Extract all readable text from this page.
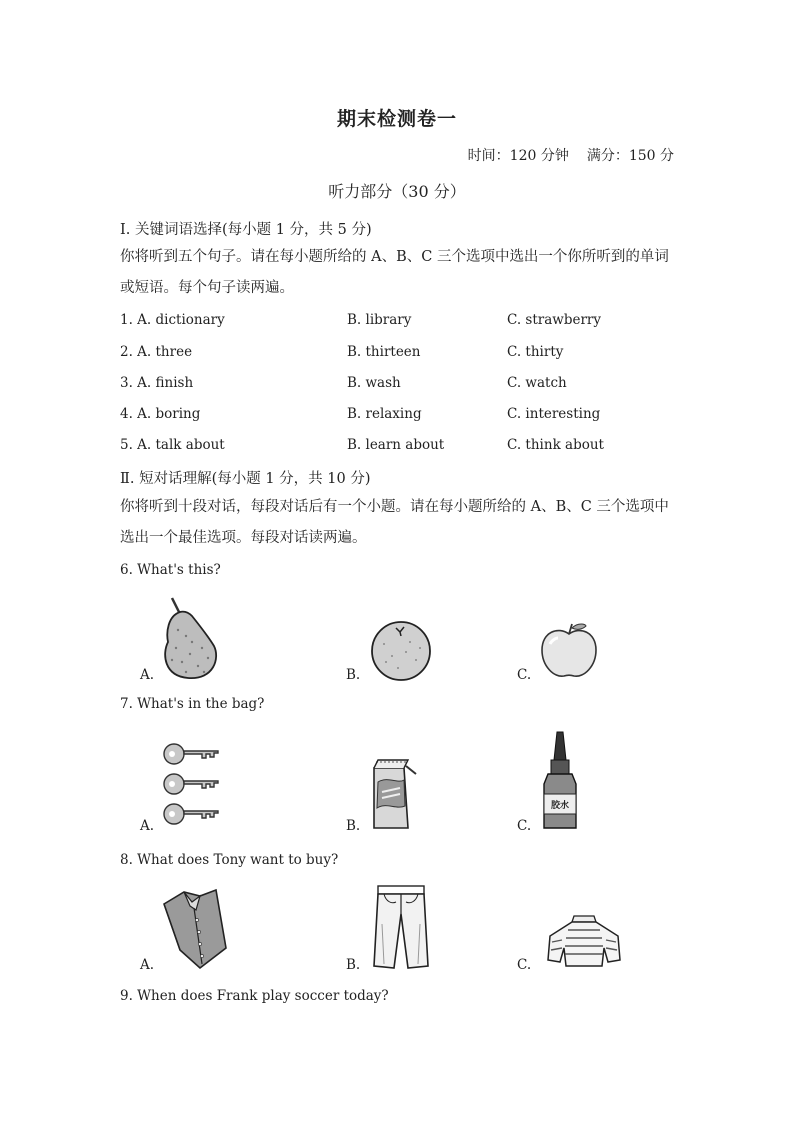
期末检测卷一
时间：120 分钟 满分：150 分
听力部分（30 分）
Ⅰ. 关键词语选择(每小题 1 分，共 5 分)
你将听到五个句子。请在每小题所给的 A、B、C 三个选项中选出一个你所听到的单词或短语。每个句子读两遍。
1. A. dictionary	B. library	C. strawberry
2. A. three	B. thirteen	C. thirty
3. A. finish	B. wash	C. watch
4. A. boring	B. relaxing	C. interesting
5. A. talk about	B. learn about	C. think about
Ⅱ. 短对话理解(每小题 1 分，共 10 分)
你将听到十段对话，每段对话后有一个小题。请在每小题所给的 A、B、C 三个选项中选出一个最佳选项。每段对话读两遍。
6. What's this?
A.	B.	C.
7. What's in the bag?
A.	B.	C.
胶水
8. What does Tony want to buy?
A.	B.	C.
9. When does Frank play soccer today?
